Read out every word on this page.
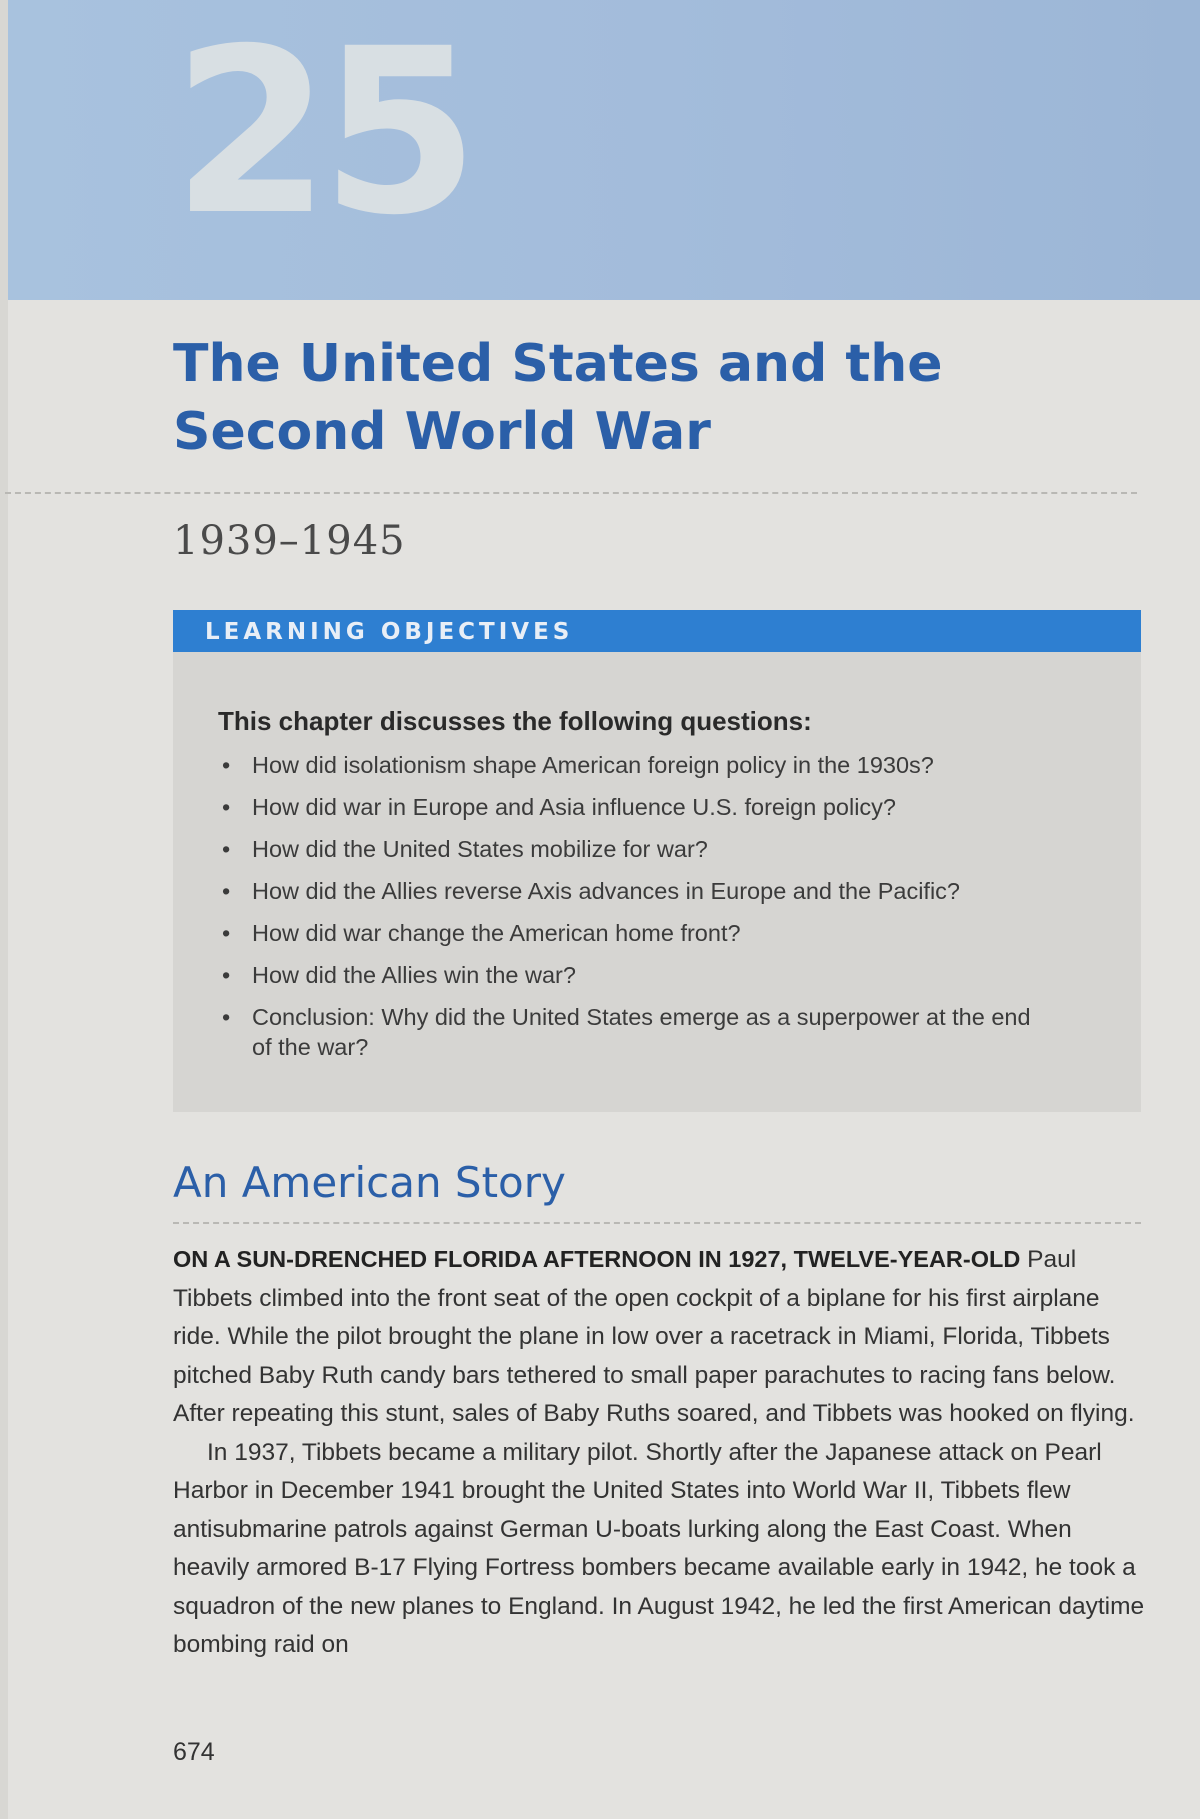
25
The United States and the
Second World War
1939–1945
LEARNING OBJECTIVES
This chapter discusses the following questions:
• How did isolationism shape American foreign policy in the 1930s?
• How did war in Europe and Asia influence U.S. foreign policy?
• How did the United States mobilize for war?
• How did the Allies reverse Axis advances in Europe and the Pacific?
• How did war change the American home front?
• How did the Allies win the war?
• Conclusion: Why did the United States emerge as a superpower at the end of the war?
An American Story

ON A SUN-DRENCHED FLORIDA AFTERNOON IN 1927, TWELVE-YEAR-OLD Paul Tibbets climbed into the front seat of the open cockpit of a biplane for his first airplane ride. While the pilot brought the plane in low over a racetrack in Miami, Florida, Tibbets pitched Baby Ruth candy bars tethered to small paper parachutes to racing fans below. After repeating this stunt, sales of Baby Ruths soared, and Tibbets was hooked on flying.

In 1937, Tibbets became a military pilot. Shortly after the Japanese attack on Pearl Harbor in December 1941 brought the United States into World War II, Tibbets flew antisubmarine patrols against German U-boats lurking along the East Coast. When heavily armored B-17 Flying Fortress bombers became available early in 1942, he took a squadron of the new planes to England. In August 1942, he led the first American daytime bombing raid on

674
